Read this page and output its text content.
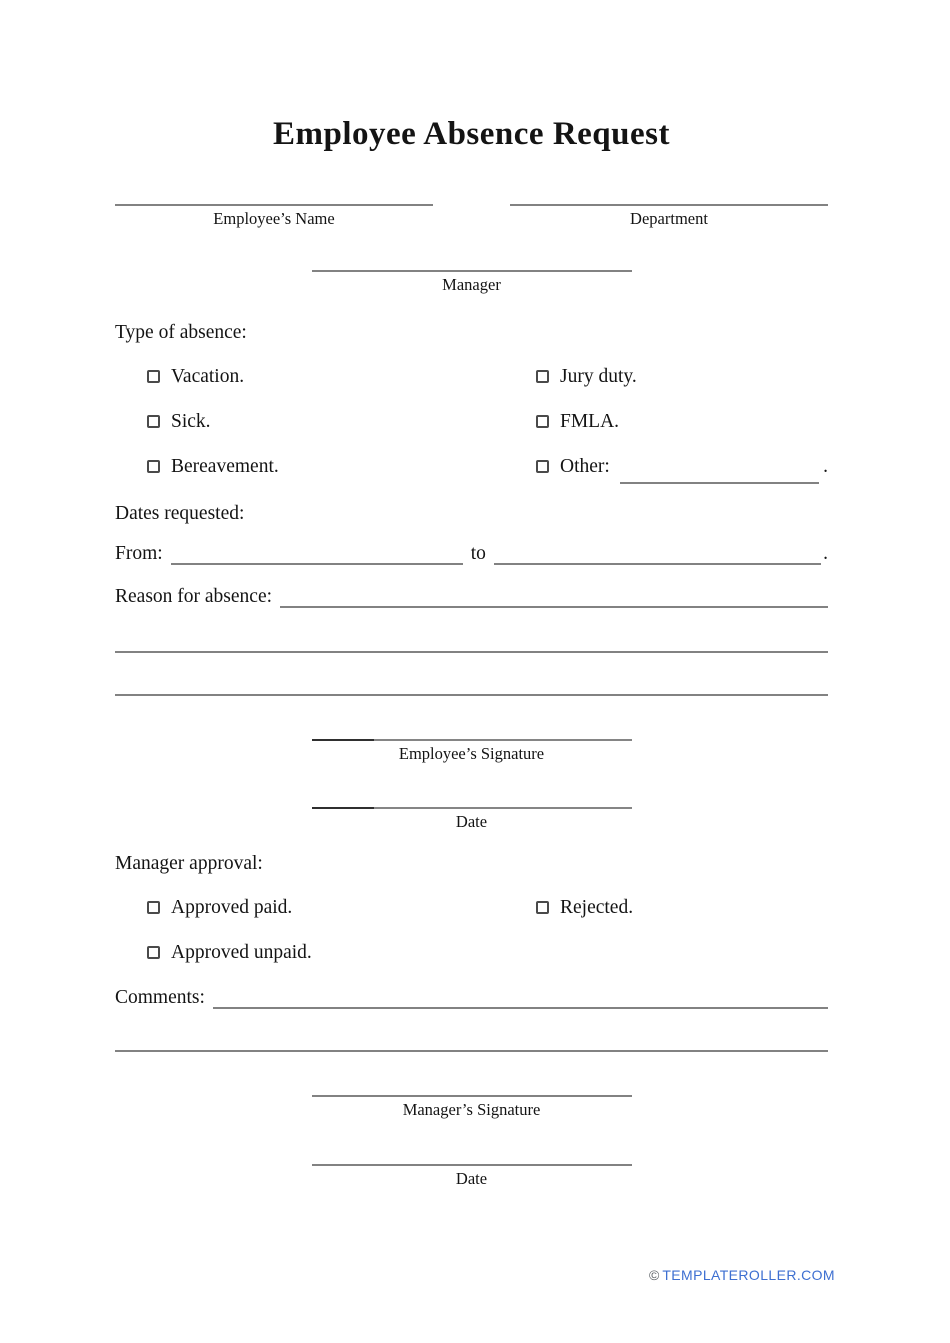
Employee Absence Request
Employee’s Name	Department
Manager
Type of absence:
Vacation.	Jury duty.
Sick.	FMLA.
Bereavement.	Other:	.
Dates requested:
From:	to	.
Reason for absence:
Employee’s Signature
Date
Manager approval:
Approved paid.	Rejected.
Approved unpaid.
Comments:
Manager’s Signature
Date
© TEMPLATEROLLER.COM
